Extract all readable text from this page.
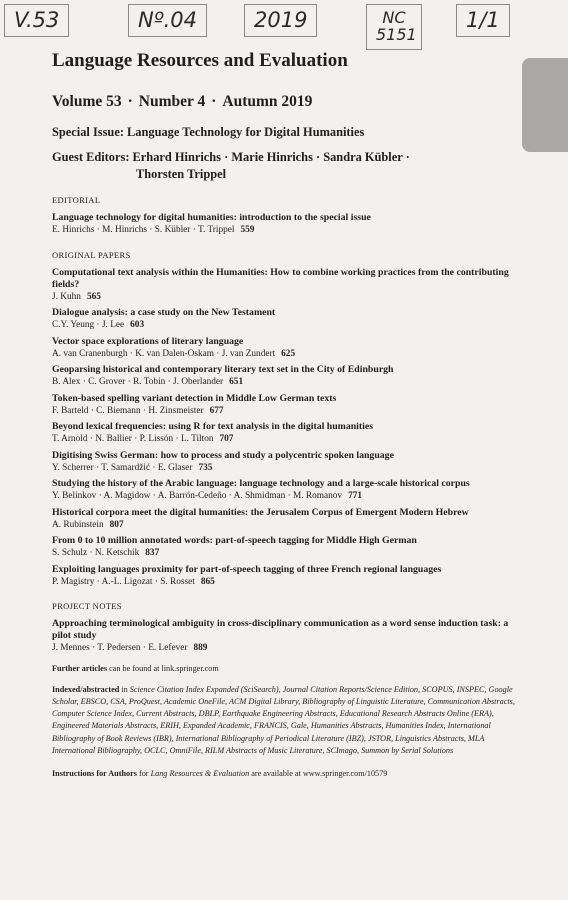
V.53	Nº.04	2019	NC 5151
1/1
Language Resources and Evaluation
Volume 53 · Number 4 · Autumn 2019
Special Issue: Language Technology for Digital Humanities
Guest Editors: Erhard Hinrichs · Marie Hinrichs · Sandra Kübler ·
Thorsten Trippel
EDITORIAL
Language technology for digital humanities: introduction to the special issue
E. Hinrichs · M. Hinrichs · S. Kübler · T. Trippel 559
ORIGINAL PAPERS
Computational text analysis within the Humanities: How to combine working practices from the contributing fields?
J. Kuhn 565
Dialogue analysis: a case study on the New Testament
C.Y. Yeung · J. Lee 603
Vector space explorations of literary language
A. van Cranenburgh · K. van Dalen-Oskam · J. van Zundert 625
Geoparsing historical and contemporary literary text set in the City of Edinburgh
B. Alex · C. Grover · R. Tobin · J. Oberlander 651
Token-based spelling variant detection in Middle Low German texts
F. Barteld · C. Biemann · H. Zinsmeister 677
Beyond lexical frequencies: using R for text analysis in the digital humanities
T. Arnold · N. Ballier · P. Lissón · L. Tilton 707
Digitising Swiss German: how to process and study a polycentric spoken language
Y. Scherrer · T. Samardžić · E. Glaser 735
Studying the history of the Arabic language: language technology and a large-scale historical corpus
Y. Belinkov · A. Magidow · A. Barrón-Cedeño · A. Shmidman · M. Romanov 771
Historical corpora meet the digital humanities: the Jerusalem Corpus of Emergent Modern Hebrew
A. Rubinstein 807
From 0 to 10 million annotated words: part-of-speech tagging for Middle High German
S. Schulz · N. Ketschik 837
Exploiting languages proximity for part-of-speech tagging of three French regional languages
P. Magistry · A.-L. Ligozat · S. Rosset 865
PROJECT NOTES
Approaching terminological ambiguity in cross-disciplinary communication as a word sense induction task: a pilot study
J. Mennes · T. Pedersen · E. Lefever 889
Further articles can be found at link.springer.com
Indexed/abstracted in Science Citation Index Expanded (SciSearch), Journal Citation Reports/Science Edition, SCOPUS, INSPEC, Google Scholar, EBSCO, CSA, ProQuest, Academic OneFile, ACM Digital Library, Bibliography of Linguistic Literature, Communication Abstracts, Computer Science Index, Current Abstracts, DBLP, Earthquake Engineering Abstracts, Educational Research Abstracts Online (ERA), Engineered Materials Abstracts, ERIH, Expanded Academic, FRANCIS, Gale, Humanities Abstracts, Humanities Index, International Bibliography of Book Reviews (IBR), International Bibliography of Periodical Literature (IBZ), JSTOR, Linguistics Abstracts, MLA International Bibliography, OCLC, OmniFile, RILM Abstracts of Music Literature, SCImago, Summon by Serial Solutions
Instructions for Authors for Lang Resources & Evaluation are available at www.springer.com/10579
